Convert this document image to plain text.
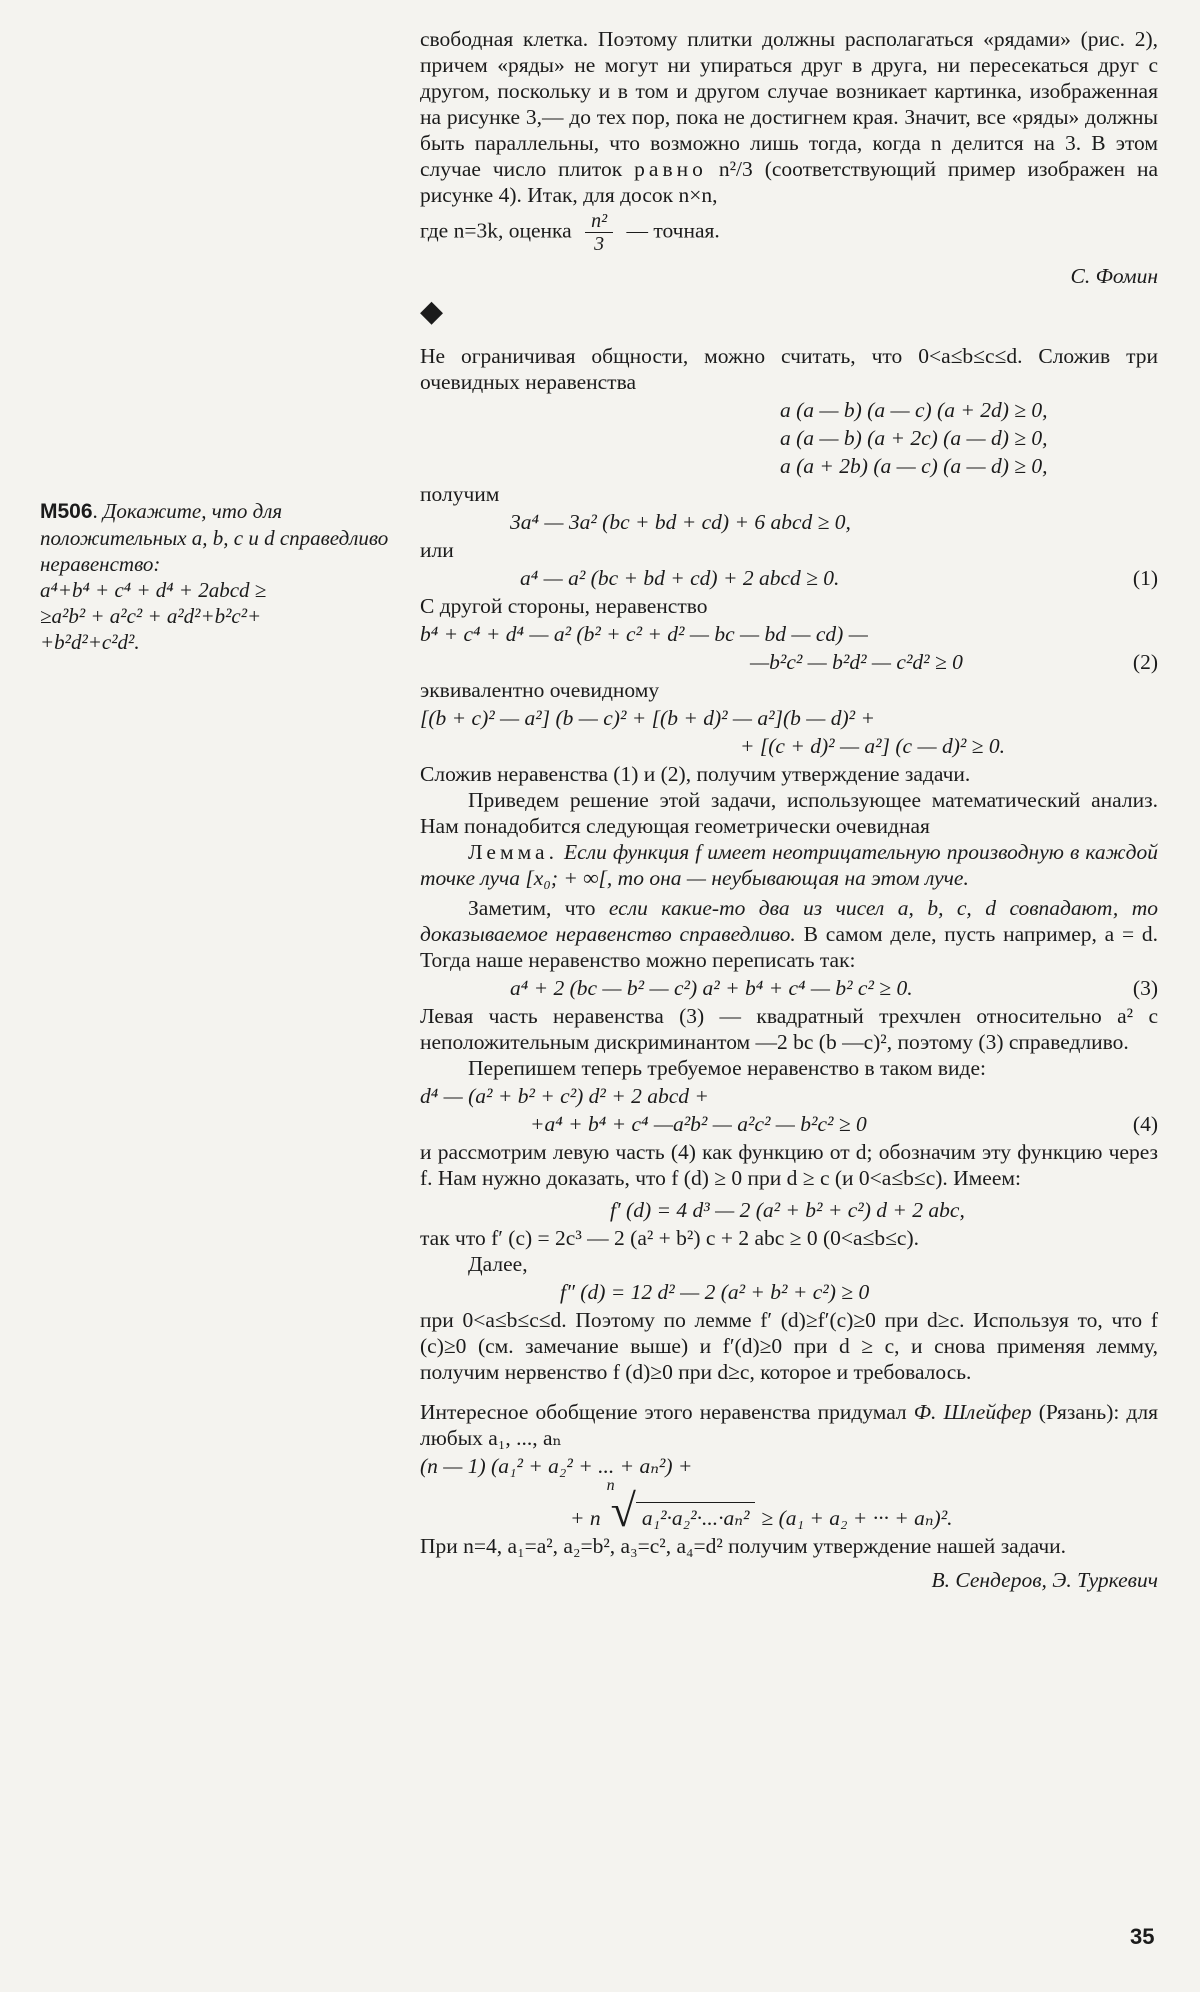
М506. Докажите, что для положительных a, b, c и d справедливо неравенство:
a⁴+b⁴ + c⁴ + d⁴ + 2abcd ≥
≥a²b² + a²c² + a²d²+b²c²+
+b²d²+c²d².

свободная клетка. Поэтому плитки должны располагаться «рядами» (рис. 2), причем «ряды» не могут ни упираться друг в друга, ни пересекаться друг с другом, поскольку и в том и другом случае возникает картинка, изображенная на рисунке 3,— до тех пор, пока не достигнем края. Значит, все «ряды» должны быть параллельны, что возможно лишь тогда, когда n делится на 3. В этом случае число плиток равно n²/3 (соответствующий пример изображен на рисунке 4). Итак, для досок n×n,

где n=3k, оценка $\frac{\text{n²}}{3}$ — точная.

С. Фомин
◆

Не ограничивая общности, можно считать, что 0<a≤b≤c≤d. Сложив три очевидных неравенства

a (a — b) (a — c) (a + 2d) ≥ 0,
a (a — b) (a + 2c) (a — d) ≥ 0,
a (a + 2b) (a — c) (a — d) ≥ 0,

получим

3a⁴ — 3a² (bc + bd + cd) + 6 abcd ≥ 0,

или

a⁴ — a² (bc + bd + cd) + 2 abcd ≥ 0.	(1)

С другой стороны, неравенство

b⁴ + c⁴ + d⁴ — a² (b² + c² + d² — bc — bd — cd) —
—b²c² — b²d² — c²d² ≥ 0	(2)

эквивалентно очевидному

[(b + c)² — a²] (b — c)² + [(b + d)² — a²](b — d)² +
+ [(c + d)² — a²] (c — d)² ≥ 0.

Сложив неравенства (1) и (2), получим утверждение задачи.

Приведем решение этой задачи, использующее математический анализ. Нам понадобится следующая геометрически очевидная

Лемма. Если функция f имеет неотрицательную производную в каждой точке луча [x₀; + ∞[, то она — неубывающая на этом луче.

Заметим, что если какие-то два из чисел a, b, c, d совпадают, то доказываемое неравенство справедливо. В самом деле, пусть например, a = d. Тогда наше неравенство можно переписать так:

a⁴ + 2 (bc — b² — c²) a² + b⁴ + c⁴ — b² c² ≥ 0.	(3)

Левая часть неравенства (3) — квадратный трехчлен относительно a² с неположительным дискриминантом —2 bc (b —c)², поэтому (3) справедливо.

Перепишем теперь требуемое неравенство в таком виде:

d⁴ — (a² + b² + c²) d² + 2 abcd +
+a⁴ + b⁴ + c⁴ —a²b² — a²c² — b²c² ≥ 0	(4)

и рассмотрим левую часть (4) как функцию от d; обозначим эту функцию через f. Нам нужно доказать, что f (d) ≥ 0 при d ≥ c (и 0<a≤b≤c). Имеем:

f′ (d) = 4 d³ — 2 (a² + b² + c²) d + 2 abc,

так что f′ (c) = 2c³ — 2 (a² + b²) c + 2 abc ≥ 0 (0<a≤b≤c).

Далее,

f″ (d) = 12 d² — 2 (a² + b² + c²) ≥ 0

при 0<a≤b≤c≤d. Поэтому по лемме f′ (d)≥f′(c)≥0 при d≥c. Используя то, что f (c)≥0 (см. замечание выше) и f′(d)≥0 при d ≥ c, и снова применяя лемму, получим нервенство f (d)≥0 при d≥c, которое и требовалось.

Интересное обобщение этого неравенства придумал Ф. Шлейфер (Рязань): для любых a₁, ..., aₙ

(n — 1) (a₁² + a₂² + ... + aₙ²) +
+ n
n
√ a₁²·a₂²·...·aₙ² ≥ (a₁ + a₂ + ··· + aₙ)².

При n=4, a₁=a², a₂=b², a₃=c², a₄=d² получим утверждение нашей задачи.

В. Сендеров, Э. Туркевич
35
